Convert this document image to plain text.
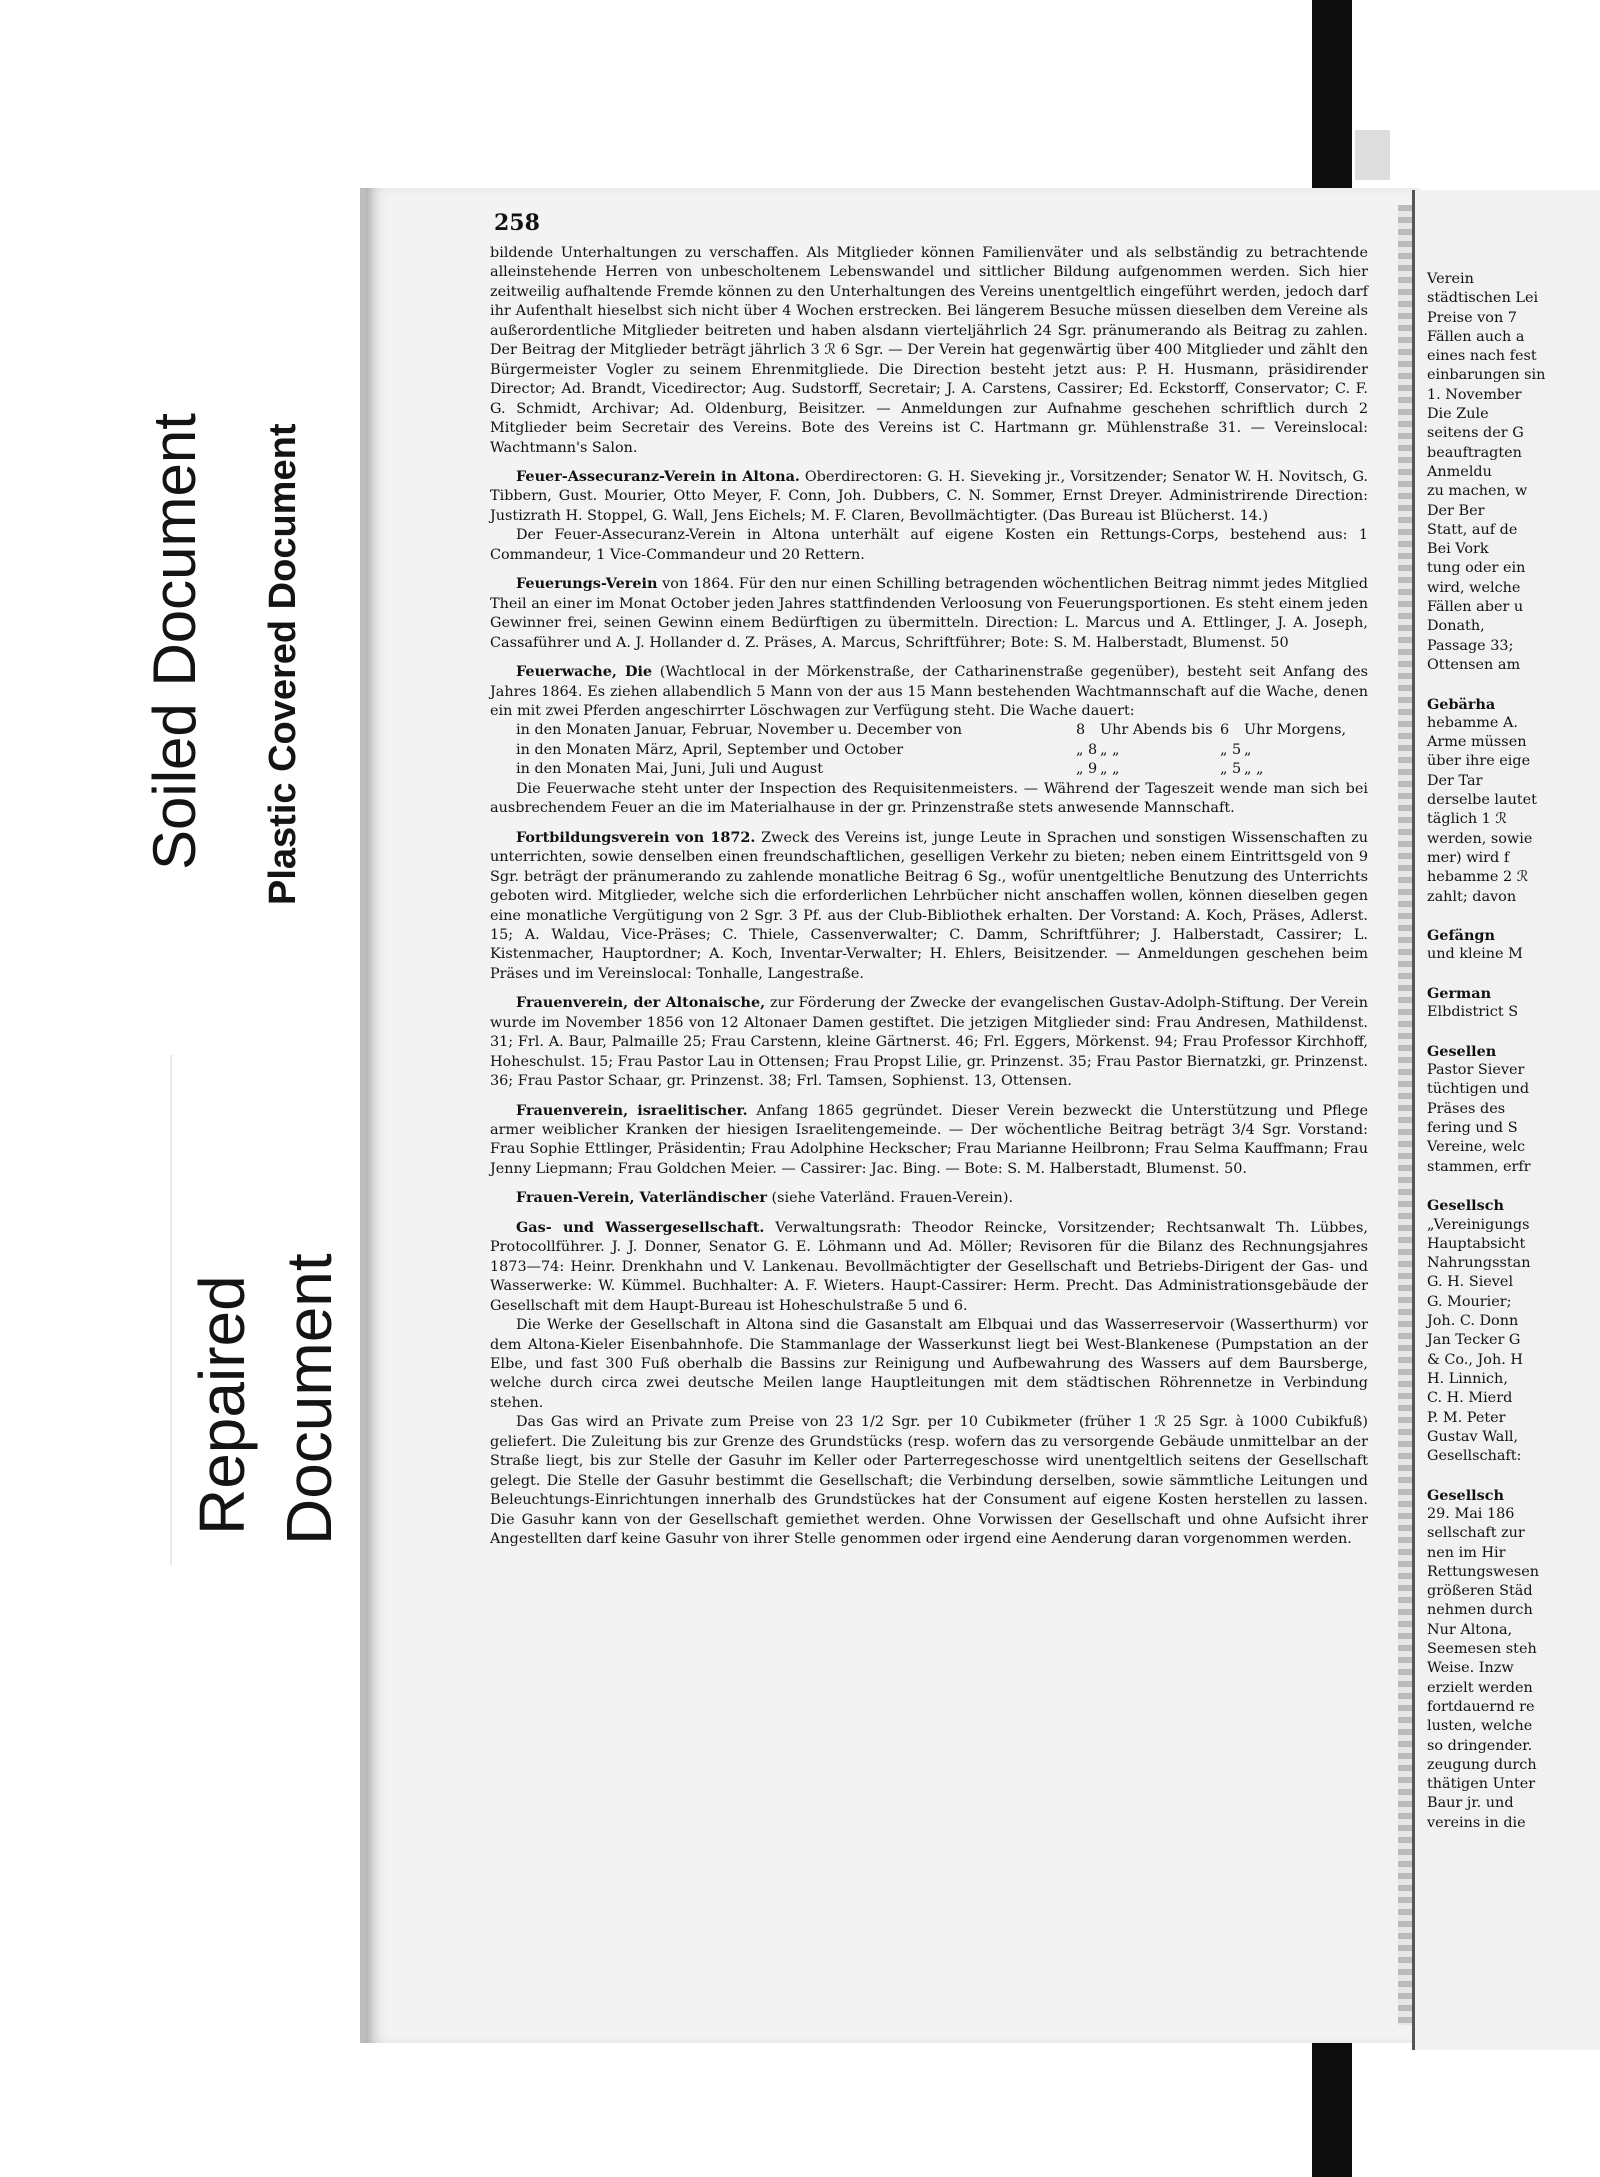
Soiled Document Plastic Covered Document
Repaired Document
258

bildende Unterhaltungen zu verschaffen. Als Mitglieder können Familienväter und als selbständig zu betrachtende alleinstehende Herren von unbescholtenem Lebenswandel und sittlicher Bildung aufgenommen werden. Sich hier zeitweilig aufhaltende Fremde können zu den Unterhaltungen des Vereins unentgeltlich eingeführt werden, jedoch darf ihr Aufenthalt hieselbst sich nicht über 4 Wochen erstrecken. Bei längerem Besuche müssen dieselben dem Vereine als außerordentliche Mitglieder beitreten und haben alsdann vierteljährlich 24 Sgr. pränumerando als Beitrag zu zahlen. Der Beitrag der Mitglieder beträgt jährlich 3 ℛ 6 Sgr. — Der Verein hat gegenwärtig über 400 Mitglieder und zählt den Bürgermeister Vogler zu seinem Ehrenmitgliede. Die Direction besteht jetzt aus: P. H. Husmann, präsidirender Director; Ad. Brandt, Vicedirector; Aug. Sudstorff, Secretair; J. A. Carstens, Cassirer; Ed. Eckstorff, Conservator; C. F. G. Schmidt, Archivar; Ad. Oldenburg, Beisitzer. — Anmeldungen zur Aufnahme geschehen schriftlich durch 2 Mitglieder beim Secretair des Vereins. Bote des Vereins ist C. Hartmann gr. Mühlenstraße 31. — Vereinslocal: Wachtmann's Salon.

Feuer-Assecuranz-Verein in Altona. Oberdirectoren: G. H. Sieveking jr., Vorsitzender; Senator W. H. Novitsch, G. Tibbern, Gust. Mourier, Otto Meyer, F. Conn, Joh. Dubbers, C. N. Sommer, Ernst Dreyer. Administrirende Direction: Justizrath H. Stoppel, G. Wall, Jens Eichels; M. F. Claren, Bevollmächtigter. (Das Bureau ist Blücherst. 14.)

Der Feuer-Assecuranz-Verein in Altona unterhält auf eigene Kosten ein Rettungs-Corps, bestehend aus: 1 Commandeur, 1 Vice-Commandeur und 20 Rettern.

Feuerungs-Verein von 1864. Für den nur einen Schilling betragenden wöchentlichen Beitrag nimmt jedes Mitglied Theil an einer im Monat October jeden Jahres stattfindenden Verloosung von Feuerungsportionen. Es steht einem jeden Gewinner frei, seinen Gewinn einem Bedürftigen zu übermitteln. Direction: L. Marcus und A. Ettlinger, J. A. Joseph, Cassaführer und A. J. Hollander d. Z. Präses, A. Marcus, Schriftführer; Bote: S. M. Halberstadt, Blumenst. 50

Feuerwache, Die (Wachtlocal in der Mörkenstraße, der Catharinenstraße gegenüber), besteht seit Anfang des Jahres 1864. Es ziehen allabendlich 5 Mann von der aus 15 Mann bestehenden Wachtmannschaft auf die Wache, denen ein mit zwei Pferden angeschirrter Löschwagen zur Verfügung steht. Die Wache dauert:

in den Monaten Januar, Februar, November u. December von	8	Uhr Abends bis 6	Uhr Morgens,
in den Monaten März, April, September und October	„ 8 „ „	„ 5 „
in den Monaten Mai, Juni, Juli und August	„ 9 „ „	„ 5 „ „

Die Feuerwache steht unter der Inspection des Requisitenmeisters. — Während der Tageszeit wende man sich bei ausbrechendem Feuer an die im Materialhause in der gr. Prinzenstraße stets anwesende Mannschaft.

Fortbildungsverein von 1872. Zweck des Vereins ist, junge Leute in Sprachen und sonstigen Wissenschaften zu unterrichten, sowie denselben einen freundschaftlichen, geselligen Verkehr zu bieten; neben einem Eintrittsgeld von 9 Sgr. beträgt der pränumerando zu zahlende monatliche Beitrag 6 Sg., wofür unentgeltliche Benutzung des Unterrichts geboten wird. Mitglieder, welche sich die erforderlichen Lehrbücher nicht anschaffen wollen, können dieselben gegen eine monatliche Vergütigung von 2 Sgr. 3 Pf. aus der Club-Bibliothek erhalten. Der Vorstand: A. Koch, Präses, Adlerst. 15; A. Waldau, Vice-Präses; C. Thiele, Cassenverwalter; C. Damm, Schriftführer; J. Halberstadt, Cassirer; L. Kistenmacher, Hauptordner; A. Koch, Inventar-Verwalter; H. Ehlers, Beisitzender. — Anmeldungen geschehen beim Präses und im Vereinslocal: Tonhalle, Langestraße.

Frauenverein, der Altonaische, zur Förderung der Zwecke der evangelischen Gustav-Adolph-Stiftung. Der Verein wurde im November 1856 von 12 Altonaer Damen gestiftet. Die jetzigen Mitglieder sind: Frau Andresen, Mathildenst. 31; Frl. A. Baur, Palmaille 25; Frau Carstenn, kleine Gärtnerst. 46; Frl. Eggers, Mörkenst. 94; Frau Professor Kirchhoff, Hoheschulst. 15; Frau Pastor Lau in Ottensen; Frau Propst Lilie, gr. Prinzenst. 35; Frau Pastor Biernatzki, gr. Prinzenst. 36; Frau Pastor Schaar, gr. Prinzenst. 38; Frl. Tamsen, Sophienst. 13, Ottensen.

Frauenverein, israelitischer. Anfang 1865 gegründet. Dieser Verein bezweckt die Unterstützung und Pflege armer weiblicher Kranken der hiesigen Israelitengemeinde. — Der wöchentliche Beitrag beträgt 3/4 Sgr. Vorstand: Frau Sophie Ettlinger, Präsidentin; Frau Adolphine Heckscher; Frau Marianne Heilbronn; Frau Selma Kauffmann; Frau Jenny Liepmann; Frau Goldchen Meier. — Cassirer: Jac. Bing. — Bote: S. M. Halberstadt, Blumenst. 50.

Frauen-Verein, Vaterländischer (siehe Vaterländ. Frauen-Verein).

Gas- und Wassergesellschaft. Verwaltungsrath: Theodor Reincke, Vorsitzender; Rechtsanwalt Th. Lübbes, Protocollführer. J. J. Donner, Senator G. E. Löhmann und Ad. Möller; Revisoren für die Bilanz des Rechnungsjahres 1873—74: Heinr. Drenkhahn und V. Lankenau. Bevollmächtigter der Gesellschaft und Betriebs-Dirigent der Gas- und Wasserwerke: W. Kümmel. Buchhalter: A. F. Wieters. Haupt-Cassirer: Herm. Precht. Das Administrationsgebäude der Gesellschaft mit dem Haupt-Bureau ist Hoheschulstraße 5 und 6.

Die Werke der Gesellschaft in Altona sind die Gasanstalt am Elbquai und das Wasserreservoir (Wasserthurm) vor dem Altona-Kieler Eisenbahnhofe. Die Stammanlage der Wasserkunst liegt bei West-Blankenese (Pumpstation an der Elbe, und fast 300 Fuß oberhalb die Bassins zur Reinigung und Aufbewahrung des Wassers auf dem Baursberge, welche durch circa zwei deutsche Meilen lange Hauptleitungen mit dem städtischen Röhrennetze in Verbindung stehen.

Das Gas wird an Private zum Preise von 23 1/2 Sgr. per 10 Cubikmeter (früher 1 ℛ 25 Sgr. à 1000 Cubikfuß) geliefert. Die Zuleitung bis zur Grenze des Grundstücks (resp. wofern das zu versorgende Gebäude unmittelbar an der Straße liegt, bis zur Stelle der Gasuhr im Keller oder Parterregeschosse wird unentgeltlich seitens der Gesellschaft gelegt. Die Stelle der Gasuhr bestimmt die Gesellschaft; die Verbindung derselben, sowie sämmtliche Leitungen und Beleuchtungs-Einrichtungen innerhalb des Grundstückes hat der Consument auf eigene Kosten herstellen zu lassen. Die Gasuhr kann von der Gesellschaft gemiethet werden. Ohne Vorwissen der Gesellschaft und ohne Aufsicht ihrer Angestellten darf keine Gasuhr von ihrer Stelle genommen oder irgend eine Aenderung daran vorgenommen werden.

Verein
städtischen Lei
Preise von 7
Fällen auch a
eines nach fest
einbarungen sin
1. November
Die Zule
seitens der G
beauftragten
Anmeldu
zu machen, w
Der Ber
Statt, auf de
Bei Vork
tung oder ein
wird, welche
Fällen aber u
Donath,
Passage 33;
Ottensen am
Gebärha
hebamme A.
Arme müssen
über ihre eige
Der Tar
derselbe lautet
täglich 1 ℛ
werden, sowie
mer) wird f
hebamme 2 ℛ
zahlt; davon
Gefängn
und kleine M
German
Elbdistrict S
Gesellen
Pastor Siever
tüchtigen und
Präses des
fering und S
Vereine, welc
stammen, erfr
Gesellsch
„Vereinigungs
Hauptabsicht
Nahrungsstan
G. H. Sievel
G. Mourier;
Joh. C. Donn
Jan Tecker G
& Co., Joh. H
H. Linnich,
C. H. Mierd
P. M. Peter
Gustav Wall,
Gesellschaft:
Gesellsch
29. Mai 186
sellschaft zur
nen im Hir
Rettungswesen
größeren Städ
nehmen durch
Nur Altona,
Seemesen steh
Weise. Inzw
erzielt werden
fortdauernd re
lusten, welche
so dringender.
zeugung durch
thätigen Unter
Baur jr. und
vereins in die
